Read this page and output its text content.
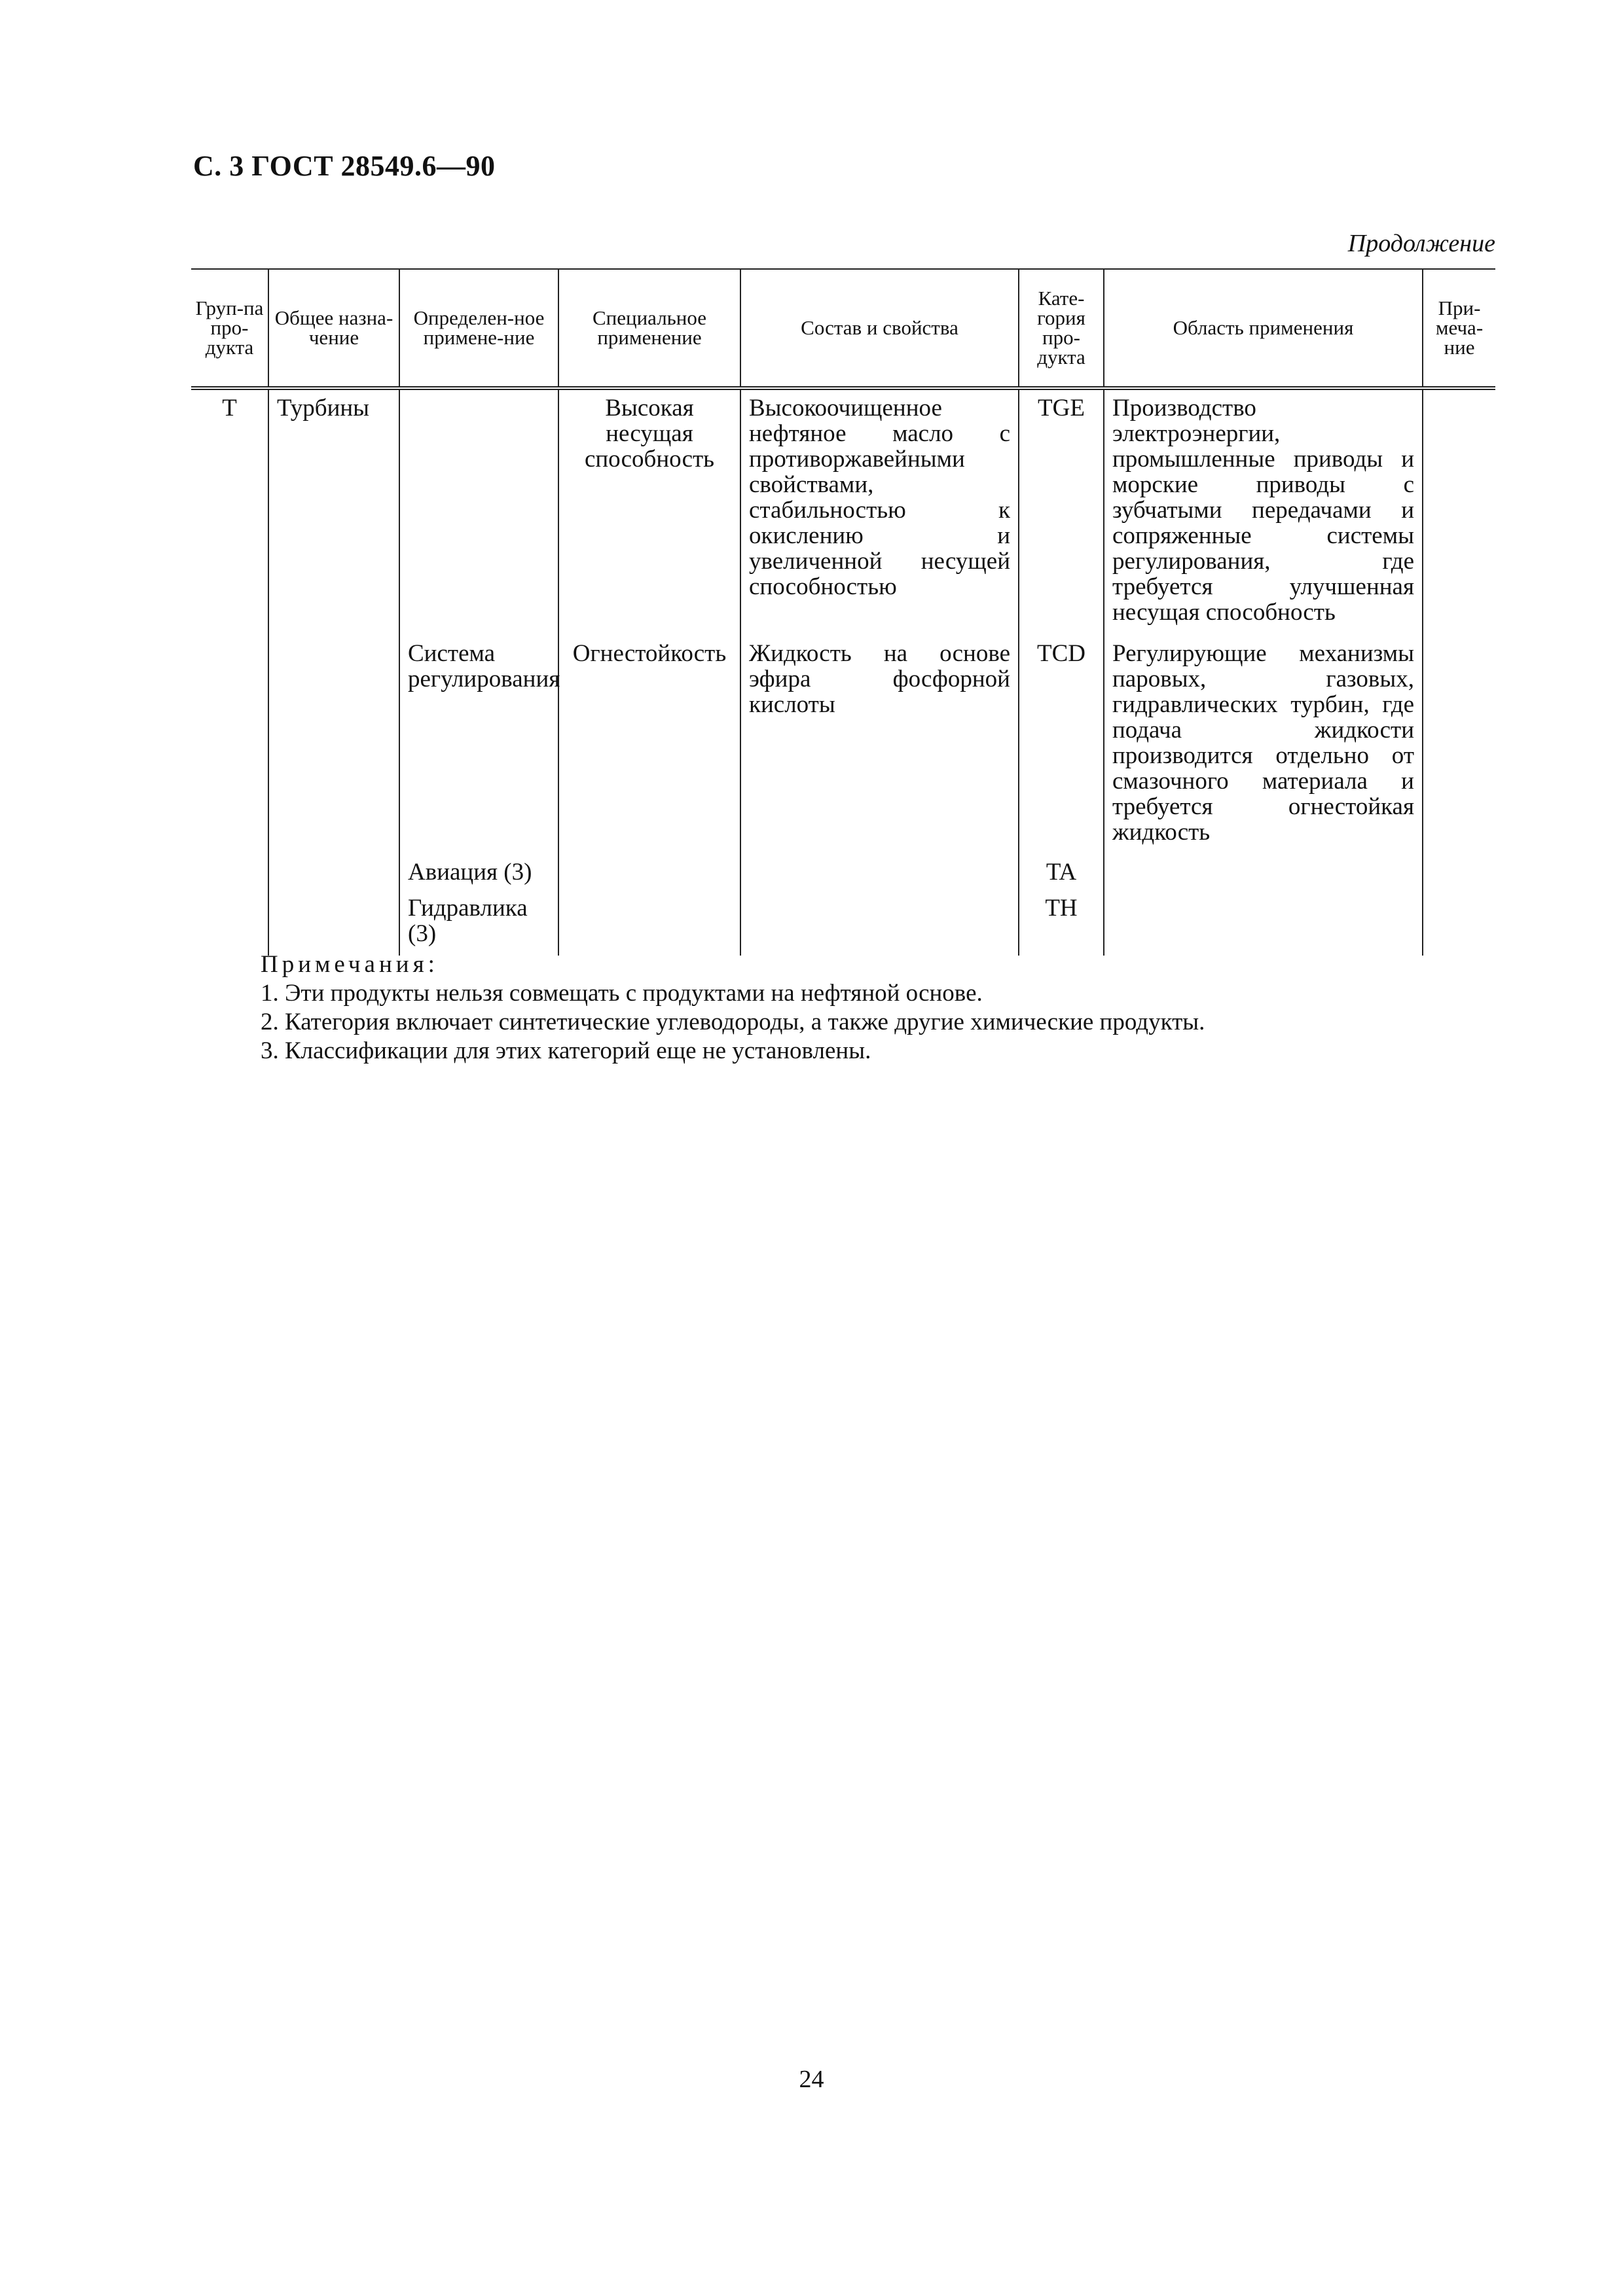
С. 3 ГОСТ 28549.6—90
Продолжение
Груп-па про-дукта	Общее назна-чение	Определен-ное примене-ние	Специальное применение	Состав и свойства	Кате-гория про-дукта	Область применения	При-меча-ние
Т	Турбины		Высокая несущая способность	Высокоочищенное нефтяное масло с противоржавейными свойствами, стабильностью к окислению и увеличенной несущей способностью	TGE	Производство электроэнергии, промышленные приводы и морские приводы с зубчатыми передачами и сопряженные системы регулирования, где требуется улучшенная несущая способность	
		Система регулирования	Огнестойкость	Жидкость на основе эфира фосфорной кислоты	TCD	Регулирующие механизмы паровых, газовых, гидравлических турбин, где подача жидкости производится отдельно от смазочного материала и требуется огнестойкая жидкость	
		Авиация (3)			TA		
		Гидравлика (3)			TH		
Примечания:
1. Эти продукты нельзя совмещать с продуктами на нефтяной основе.
2. Категория включает синтетические углеводороды, а также другие химические продукты.
3. Классификации для этих категорий еще не установлены.
24
